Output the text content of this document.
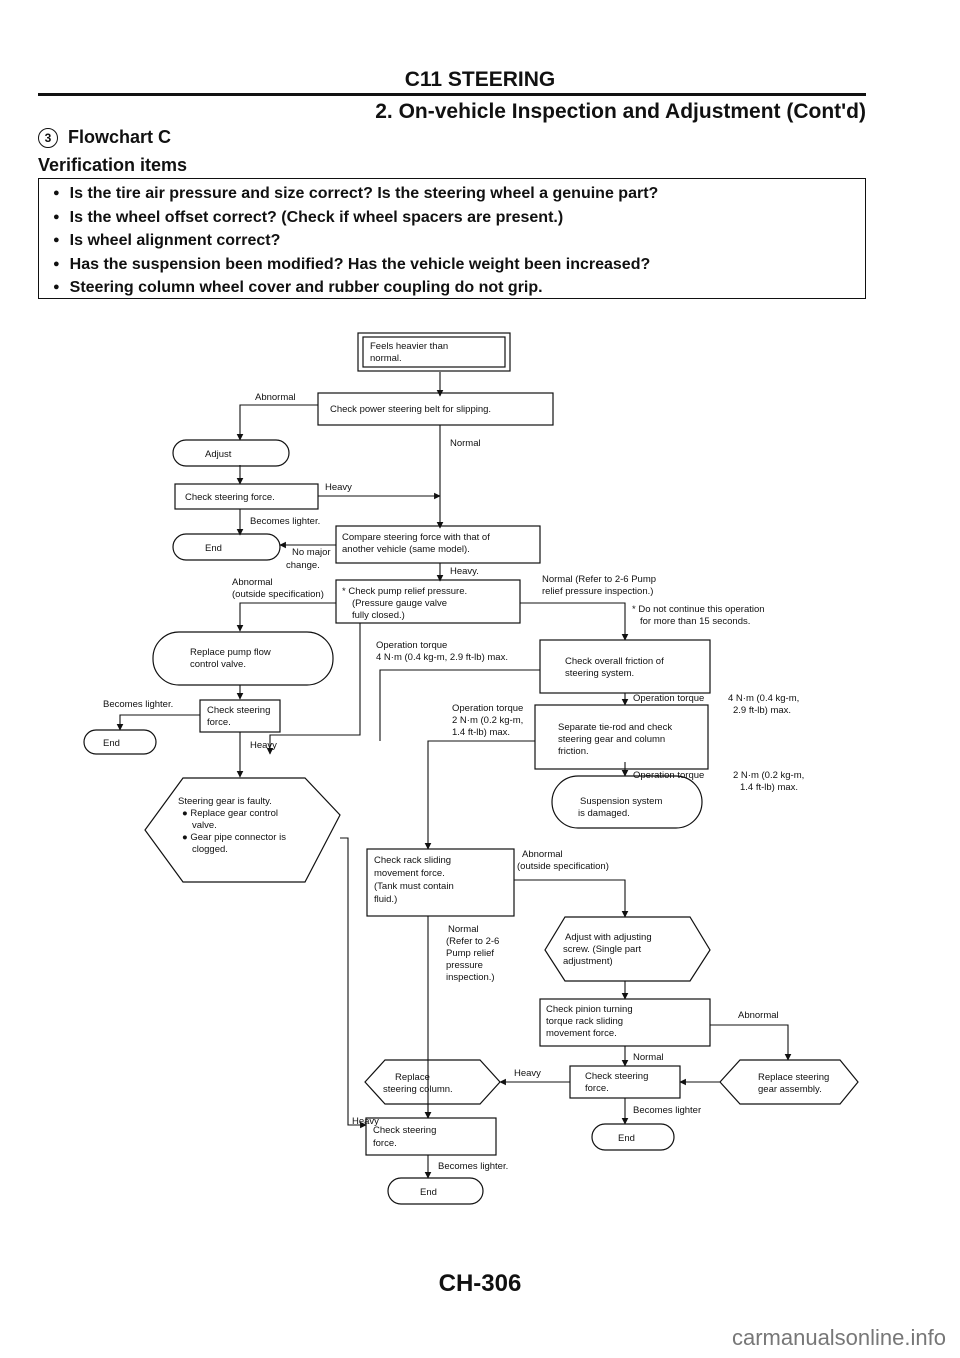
C11 STEERING
2. On-vehicle Inspection and Adjustment (Cont'd)
3 Flowchart C
Verification items
● Is the tire air pressure and size correct? Is the steering wheel a genuine part?
● Is the wheel offset correct? (Check if wheel spacers are present.)
● Is wheel alignment correct?
● Has the suspension been modified? Has the vehicle weight been increased?
● Steering column wheel cover and rubber coupling do not grip.
Feels heavier than
normal.
Check power steering belt for slipping.
Abnormal
Normal
Adjust
Check steering force.
Heavy
Becomes lighter.
End
Compare steering force with that of
another vehicle (same model).
No major
change.
Heavy.
Abnormal
(outside specification) * Check pump relief pressure.
(Pressure gauge valve
fully closed.)
Normal (Refer to 2-6 Pump
relief pressure inspection.)
* Do not continue this operation
for more than 15 seconds.
Replace pump flow
control valve.
Operation torque
4 N·m (0.4 kg-m, 2.9 ft-lb) max.	Check overall friction of
steering system.
Becomes lighter.
Check steering
force.
End	Heavy
Operation torque
2 N·m (0.2 kg-m,
1.4 ft-lb) max.
Operation torque 4 N·m (0.4 kg-m,
2.9 ft-lb) max.
Separate tie-rod and check
steering gear and column
friction.
Operation torque	2 N·m (0.2 kg-m,
1.4 ft-lb) max.
Steering gear is faulty.
● Replace gear control
valve.
● Gear pipe connector is
clogged.
Suspension system
is damaged.
Check rack sliding
movement force.
(Tank must contain
fluid.)
Abnormal
(outside specification)
Normal
(Refer to 2-6
Pump relief
pressure
inspection.)
Adjust with adjusting
screw. (Single part
adjustment)
Check pinion turning
torque rack sliding
movement force.
Abnormal
Normal
Replace
steering column.
Heavy	Check steering
force.
Replace steering
gear assembly.
Becomes lighter
End
Heavy
Check steering
force.
Becomes lighter.
End
CH-306
carmanualsonline.info
